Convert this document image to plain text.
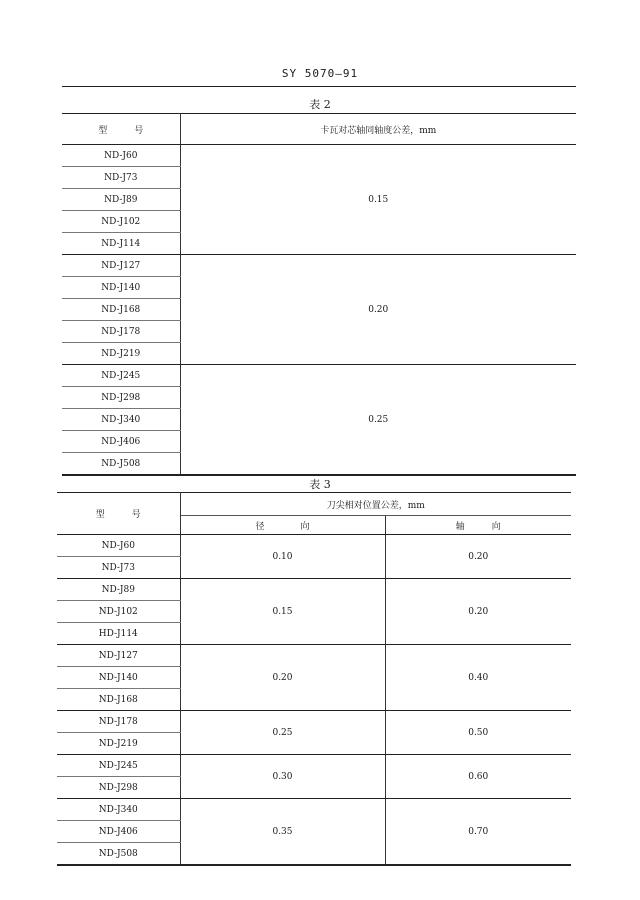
SY 5070—91
表 2
型　　　号	卡瓦对芯轴同轴度公差，mm
ND-J60	0.15
ND-J73	
ND-J89	
ND-J102	
ND-J114	
ND-J127	0.20
ND-J140	
ND-J168	
ND-J178	
ND-J219	
ND-J245	0.25
ND-J298	
ND-J340	
ND-J406	
ND-J508	
表 3
型　　　号	刀尖相对位置公差，mm	
	径　　　　向	轴　　　向
ND-J60	0.10	0.20
ND-J73		
ND-J89	0.15	0.20
ND-J102		
HD-J114		
ND-J127	0.20	0.40
ND-J140		
ND-J168		
ND-J178	0.25	0.50
ND-J219		
ND-J245	0.30	0.60
ND-J298		
ND-J340	0.35	0.70
ND-J406		
ND-J508		
